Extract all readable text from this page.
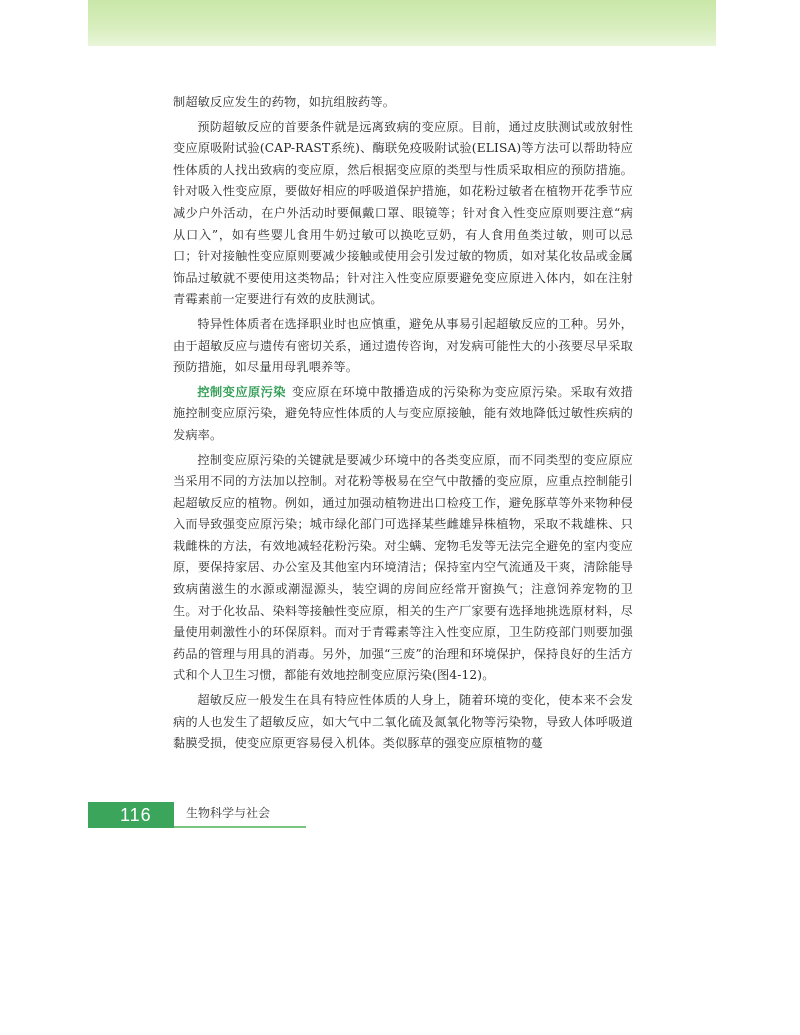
制超敏反应发生的药物，如抗组胺药等。

预防超敏反应的首要条件就是远离致病的变应原。目前，通过皮肤测试或放射性变应原吸附试验(CAP-RAST系统)、酶联免疫吸附试验(ELISA)等方法可以帮助特应性体质的人找出致病的变应原，然后根据变应原的类型与性质采取相应的预防措施。针对吸入性变应原，要做好相应的呼吸道保护措施，如花粉过敏者在植物开花季节应减少户外活动，在户外活动时要佩戴口罩、眼镜等；针对食入性变应原则要注意“病从口入”，如有些婴儿食用牛奶过敏可以换吃豆奶，有人食用鱼类过敏，则可以忌口；针对接触性变应原则要减少接触或使用会引发过敏的物质，如对某化妆品或金属饰品过敏就不要使用这类物品；针对注入性变应原要避免变应原进入体内，如在注射青霉素前一定要进行有效的皮肤测试。

特异性体质者在选择职业时也应慎重，避免从事易引起超敏反应的工种。另外，由于超敏反应与遗传有密切关系，通过遗传咨询，对发病可能性大的小孩要尽早采取预防措施，如尽量用母乳喂养等。

控制变应原污染 变应原在环境中散播造成的污染称为变应原污染。采取有效措施控制变应原污染，避免特应性体质的人与变应原接触，能有效地降低过敏性疾病的发病率。

控制变应原污染的关键就是要减少环境中的各类变应原，而不同类型的变应原应当采用不同的方法加以控制。对花粉等极易在空气中散播的变应原，应重点控制能引起超敏反应的植物。例如，通过加强动植物进出口检疫工作，避免豚草等外来物种侵入而导致强变应原污染；城市绿化部门可选择某些雌雄异株植物，采取不栽雄株、只栽雌株的方法，有效地减轻花粉污染。对尘螨、宠物毛发等无法完全避免的室内变应原，要保持家居、办公室及其他室内环境清洁；保持室内空气流通及干爽，清除能导致病菌滋生的水源或潮湿源头，装空调的房间应经常开窗换气；注意饲养宠物的卫生。对于化妆品、染料等接触性变应原，相关的生产厂家要有选择地挑选原材料，尽量使用刺激性小的环保原料。而对于青霉素等注入性变应原，卫生防疫部门则要加强药品的管理与用具的消毒。另外，加强“三废”的治理和环境保护，保持良好的生活方式和个人卫生习惯，都能有效地控制变应原污染(图4-12)。

超敏反应一般发生在具有特应性体质的人身上，随着环境的变化，使本来不会发病的人也发生了超敏反应，如大气中二氧化硫及氮氧化物等污染物，导致人体呼吸道黏膜受损，使变应原更容易侵入机体。类似豚草的强变应原植物的蔓

116	生物科学与社会
